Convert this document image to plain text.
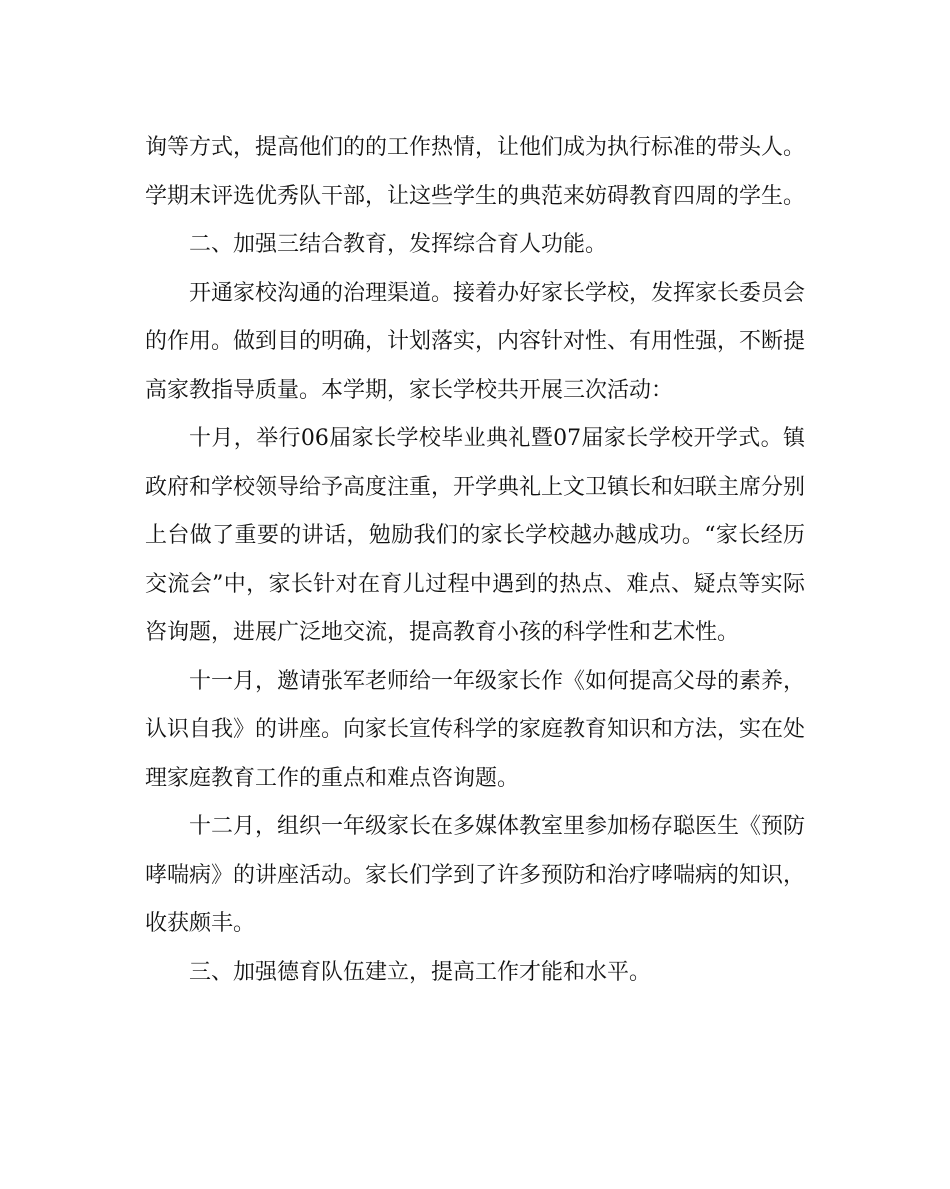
询等方式，提高他们的的工作热情，让他们成为执行标准的带头人。学期末评选优秀队干部，让这些学生的典范来妨碍教育四周的学生。

二、加强三结合教育，发挥综合育人功能。

开通家校沟通的治理渠道。接着办好家长学校，发挥家长委员会的作用。做到目的明确，计划落实，内容针对性、有用性强，不断提高家教指导质量。本学期，家长学校共开展三次活动：

十月，举行06届家长学校毕业典礼暨07届家长学校开学式。镇政府和学校领导给予高度注重，开学典礼上文卫镇长和妇联主席分别上台做了重要的讲话，勉励我们的家长学校越办越成功。“家长经历交流会”中，家长针对在育儿过程中遇到的热点、难点、疑点等实际咨询题，进展广泛地交流，提高教育小孩的科学性和艺术性。

十一月，邀请张军老师给一年级家长作《如何提高父母的素养，认识自我》的讲座。向家长宣传科学的家庭教育知识和方法，实在处理家庭教育工作的重点和难点咨询题。

十二月，组织一年级家长在多媒体教室里参加杨存聪医生《预防哮喘病》的讲座活动。家长们学到了许多预防和治疗哮喘病的知识，收获颇丰。

三、加强德育队伍建立，提高工作才能和水平。
